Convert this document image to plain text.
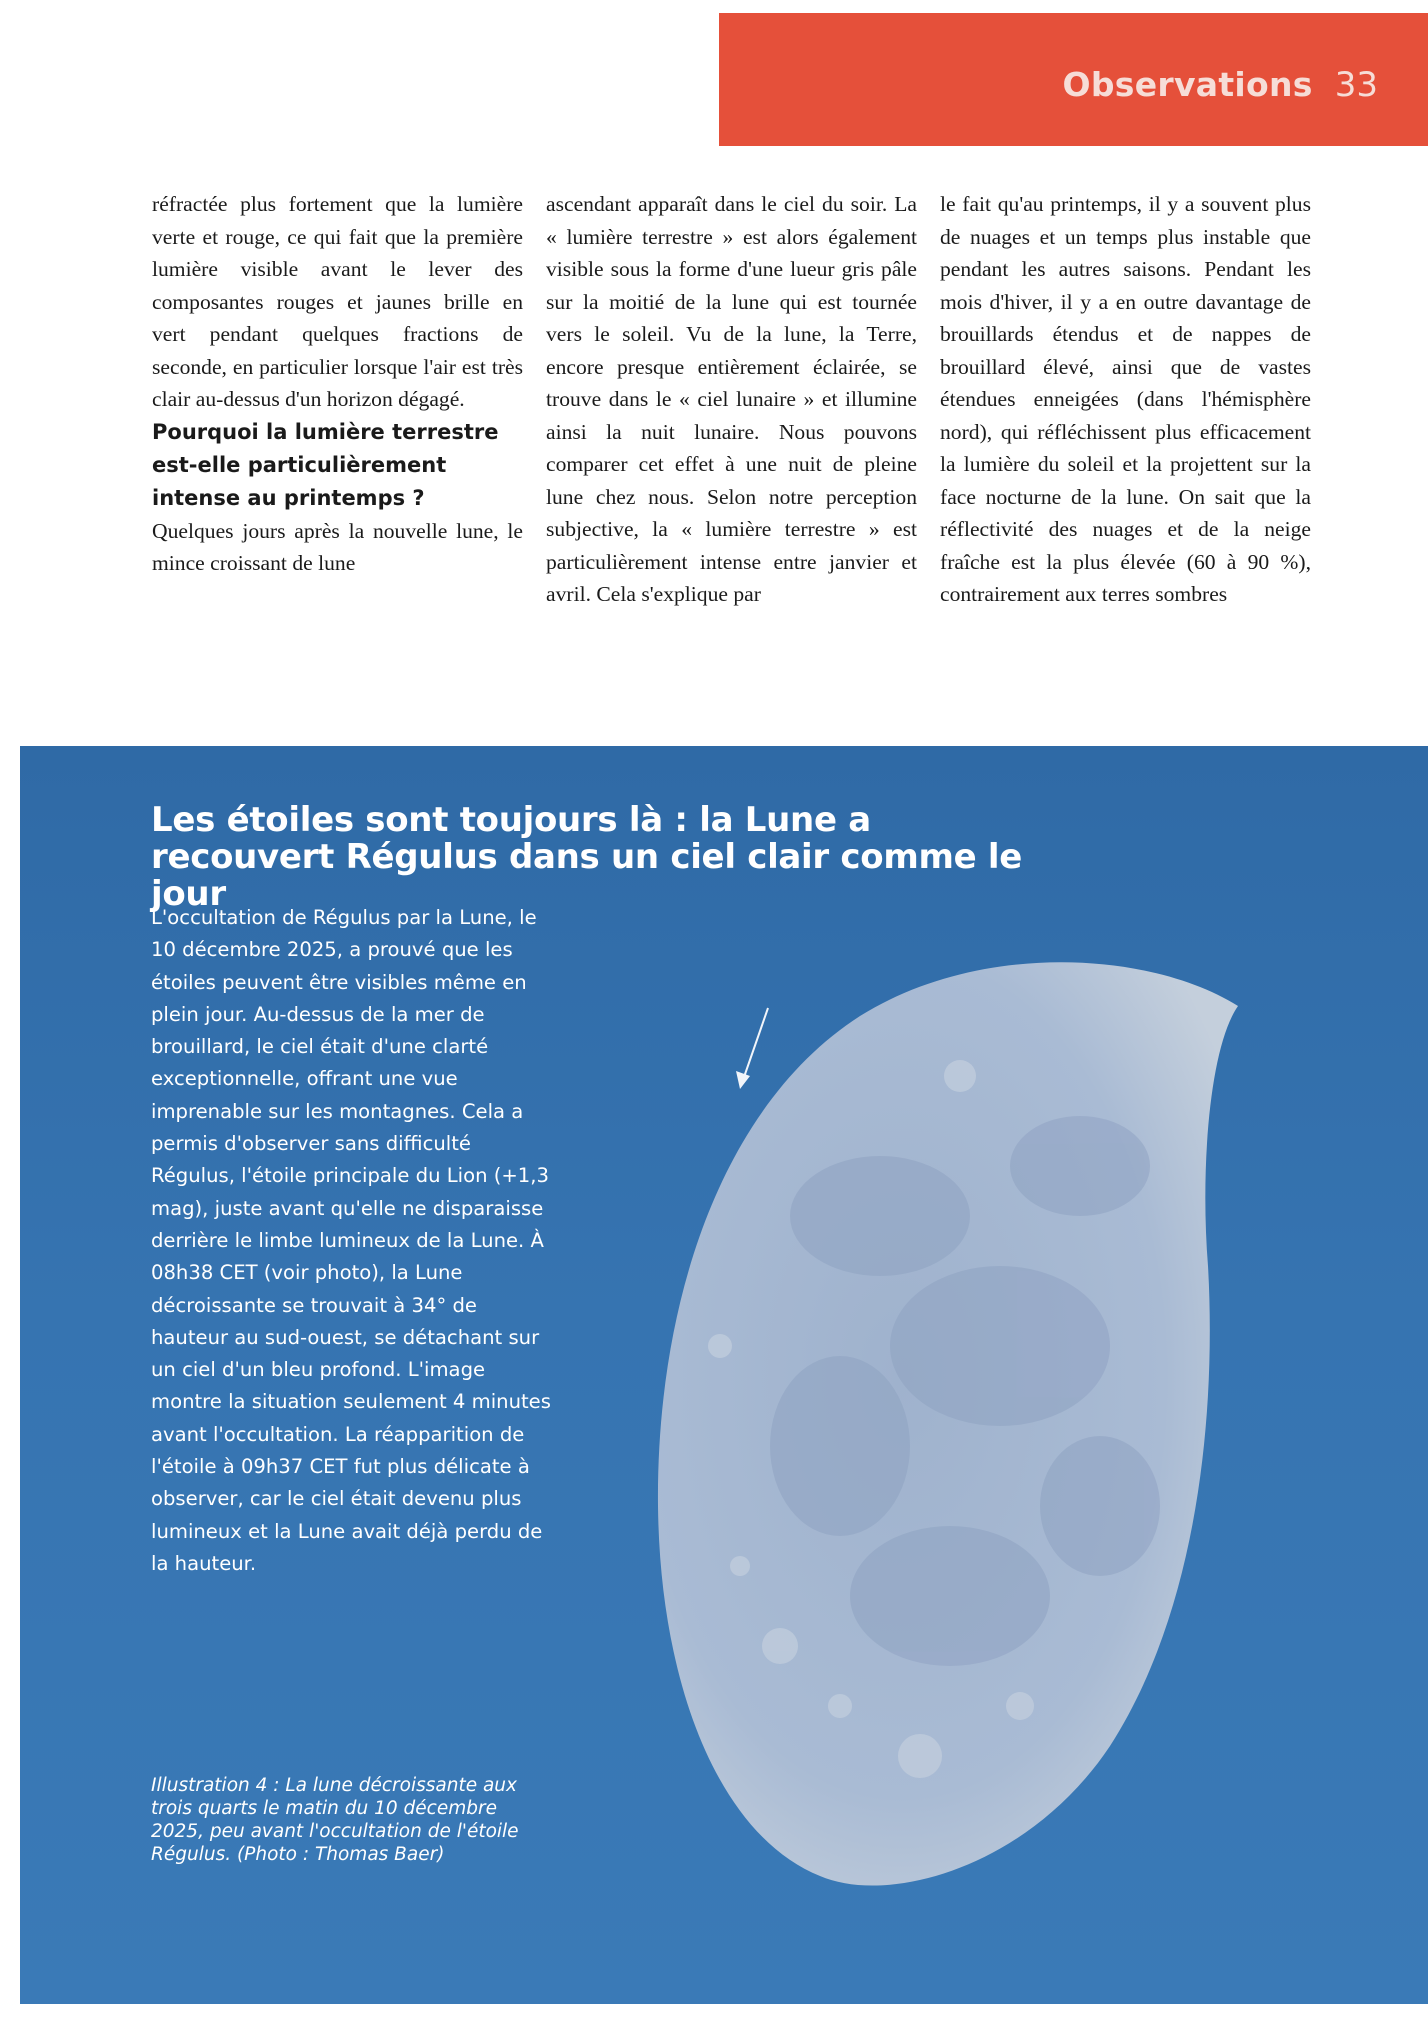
Observations 33

réfractée plus fortement que la lumière verte et rouge, ce qui fait que la première lumière visible avant le lever des composantes rouges et jaunes brille en vert pendant quelques fractions de seconde, en particulier lorsque l'air est très clair au-dessus d'un horizon dégagé.

Pourquoi la lumière terrestre est-elle particulièrement intense au printemps ?

Quelques jours après la nouvelle lune, le mince croissant de lune

ascendant apparaît dans le ciel du soir. La « lumière terrestre » est alors également visible sous la forme d'une lueur gris pâle sur la moitié de la lune qui est tournée vers le soleil. Vu de la lune, la Terre, encore presque entièrement éclairée, se trouve dans le « ciel lunaire » et illumine ainsi la nuit lunaire. Nous pouvons comparer cet effet à une nuit de pleine lune chez nous. Selon notre perception subjective, la « lumière terrestre » est particulièrement intense entre janvier et avril. Cela s'explique par

le fait qu'au printemps, il y a souvent plus de nuages et un temps plus instable que pendant les autres saisons. Pendant les mois d'hiver, il y a en outre davantage de brouillards étendus et de nappes de brouillard élevé, ainsi que de vastes étendues enneigées (dans l'hémisphère nord), qui réfléchissent plus efficacement la lumière du soleil et la projettent sur la face nocturne de la lune. On sait que la réflectivité des nuages et de la neige fraîche est la plus élevée (60 à 90 %), contrairement aux terres sombres

Les étoiles sont toujours là : la Lune a recouvert Régulus dans un ciel clair comme le jour

L'occultation de Régulus par la Lune, le 10 décembre 2025, a prouvé que les étoiles peuvent être visibles même en plein jour. Au-dessus de la mer de brouillard, le ciel était d'une clarté exceptionnelle, offrant une vue imprenable sur les montagnes. Cela a permis d'observer sans difficulté Régulus, l'étoile principale du Lion (+1,3 mag), juste avant qu'elle ne disparaisse derrière le limbe lumineux de la Lune. À 08h38 CET (voir photo), la Lune décroissante se trouvait à 34° de hauteur au sud-ouest, se détachant sur un ciel d'un bleu profond. L'image montre la situation seulement 4 minutes avant l'occultation. La réapparition de l'étoile à 09h37 CET fut plus délicate à observer, car le ciel était devenu plus lumineux et la Lune avait déjà perdu de la hauteur.

Illustration 4 : La lune décroissante aux trois quarts le matin du 10 décembre 2025, peu avant l'occultation de l'étoile Régulus. (Photo : Thomas Baer)
